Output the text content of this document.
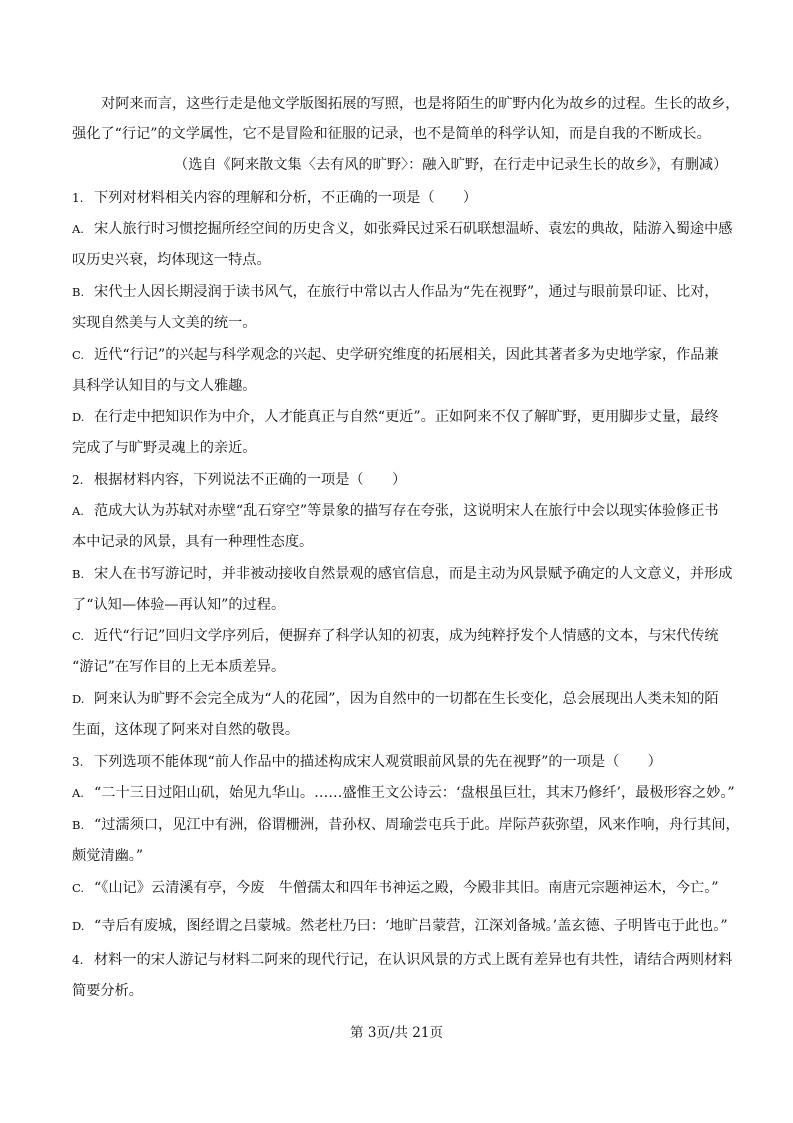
对阿来而言，这些行走是他文学版图拓展的写照，也是将陌生的旷野内化为故乡的过程。生长的故乡，
强化了“行记”的文学属性，它不是冒险和征服的记录，也不是简单的科学认知，而是自我的不断成长。
（选自《阿来散文集〈去有风的旷野〉：融入旷野，在行走中记录生长的故乡》，有删减）
1. 下列对材料相关内容的理解和分析，不正确的一项是（　　）
A. 宋人旅行时习惯挖掘所经空间的历史含义，如张舜民过采石矶联想温峤、袁宏的典故，陆游入蜀途中感
叹历史兴衰，均体现这一特点。
B. 宋代士人因长期浸润于读书风气，在旅行中常以古人作品为“先在视野”，通过与眼前景印证、比对，
实现自然美与人文美的统一。
C. 近代“行记”的兴起与科学观念的兴起、史学研究维度的拓展相关，因此其著者多为史地学家，作品兼
具科学认知目的与文人雅趣。
D. 在行走中把知识作为中介，人才能真正与自然“更近”。正如阿来不仅了解旷野，更用脚步丈量，最终
完成了与旷野灵魂上的亲近。
2. 根据材料内容，下列说法不正确的一项是（　　）
A. 范成大认为苏轼对赤壁“乱石穿空”等景象的描写存在夸张，这说明宋人在旅行中会以现实体验修正书
本中记录的风景，具有一种理性态度。
B. 宋人在书写游记时，并非被动接收自然景观的感官信息，而是主动为风景赋予确定的人文意义，并形成
了“认知—体验—再认知”的过程。
C. 近代“行记”回归文学序列后，便摒弃了科学认知的初衷，成为纯粹抒发个人情感的文本，与宋代传统
“游记”在写作目的上无本质差异。
D. 阿来认为旷野不会完全成为“人的花园”，因为自然中的一切都在生长变化，总会展现出人类未知的陌
生面，这体现了阿来对自然的敬畏。
3. 下列选项不能体现“前人作品中的描述构成宋人观赏眼前风景的先在视野”的一项是（　　）
A. “二十三日过阳山矶，始见九华山。……盛惟王文公诗云：‘盘根虽巨壮，其末乃修纤’，最极形容之妙。”
B. “过濡须口，见江中有洲，俗谓栅洲，昔孙权、周瑜尝屯兵于此。岸际芦荻弥望，风来作响，舟行其间，
颇觉清幽。”
C. “《山记》云清溪有亭，今废　牛僧孺太和四年书神运之殿，今殿非其旧。南唐元宗题神运木，今亡。”
D. “寺后有废城，图经谓之吕蒙城。然老杜乃曰：‘地旷吕蒙营，江深刘备城。’盖玄德、子明皆屯于此也。”
4. 材料一的宋人游记与材料二阿来的现代行记，在认识风景的方式上既有差异也有共性，请结合两则材料
简要分析。
第 3页/共 21页
